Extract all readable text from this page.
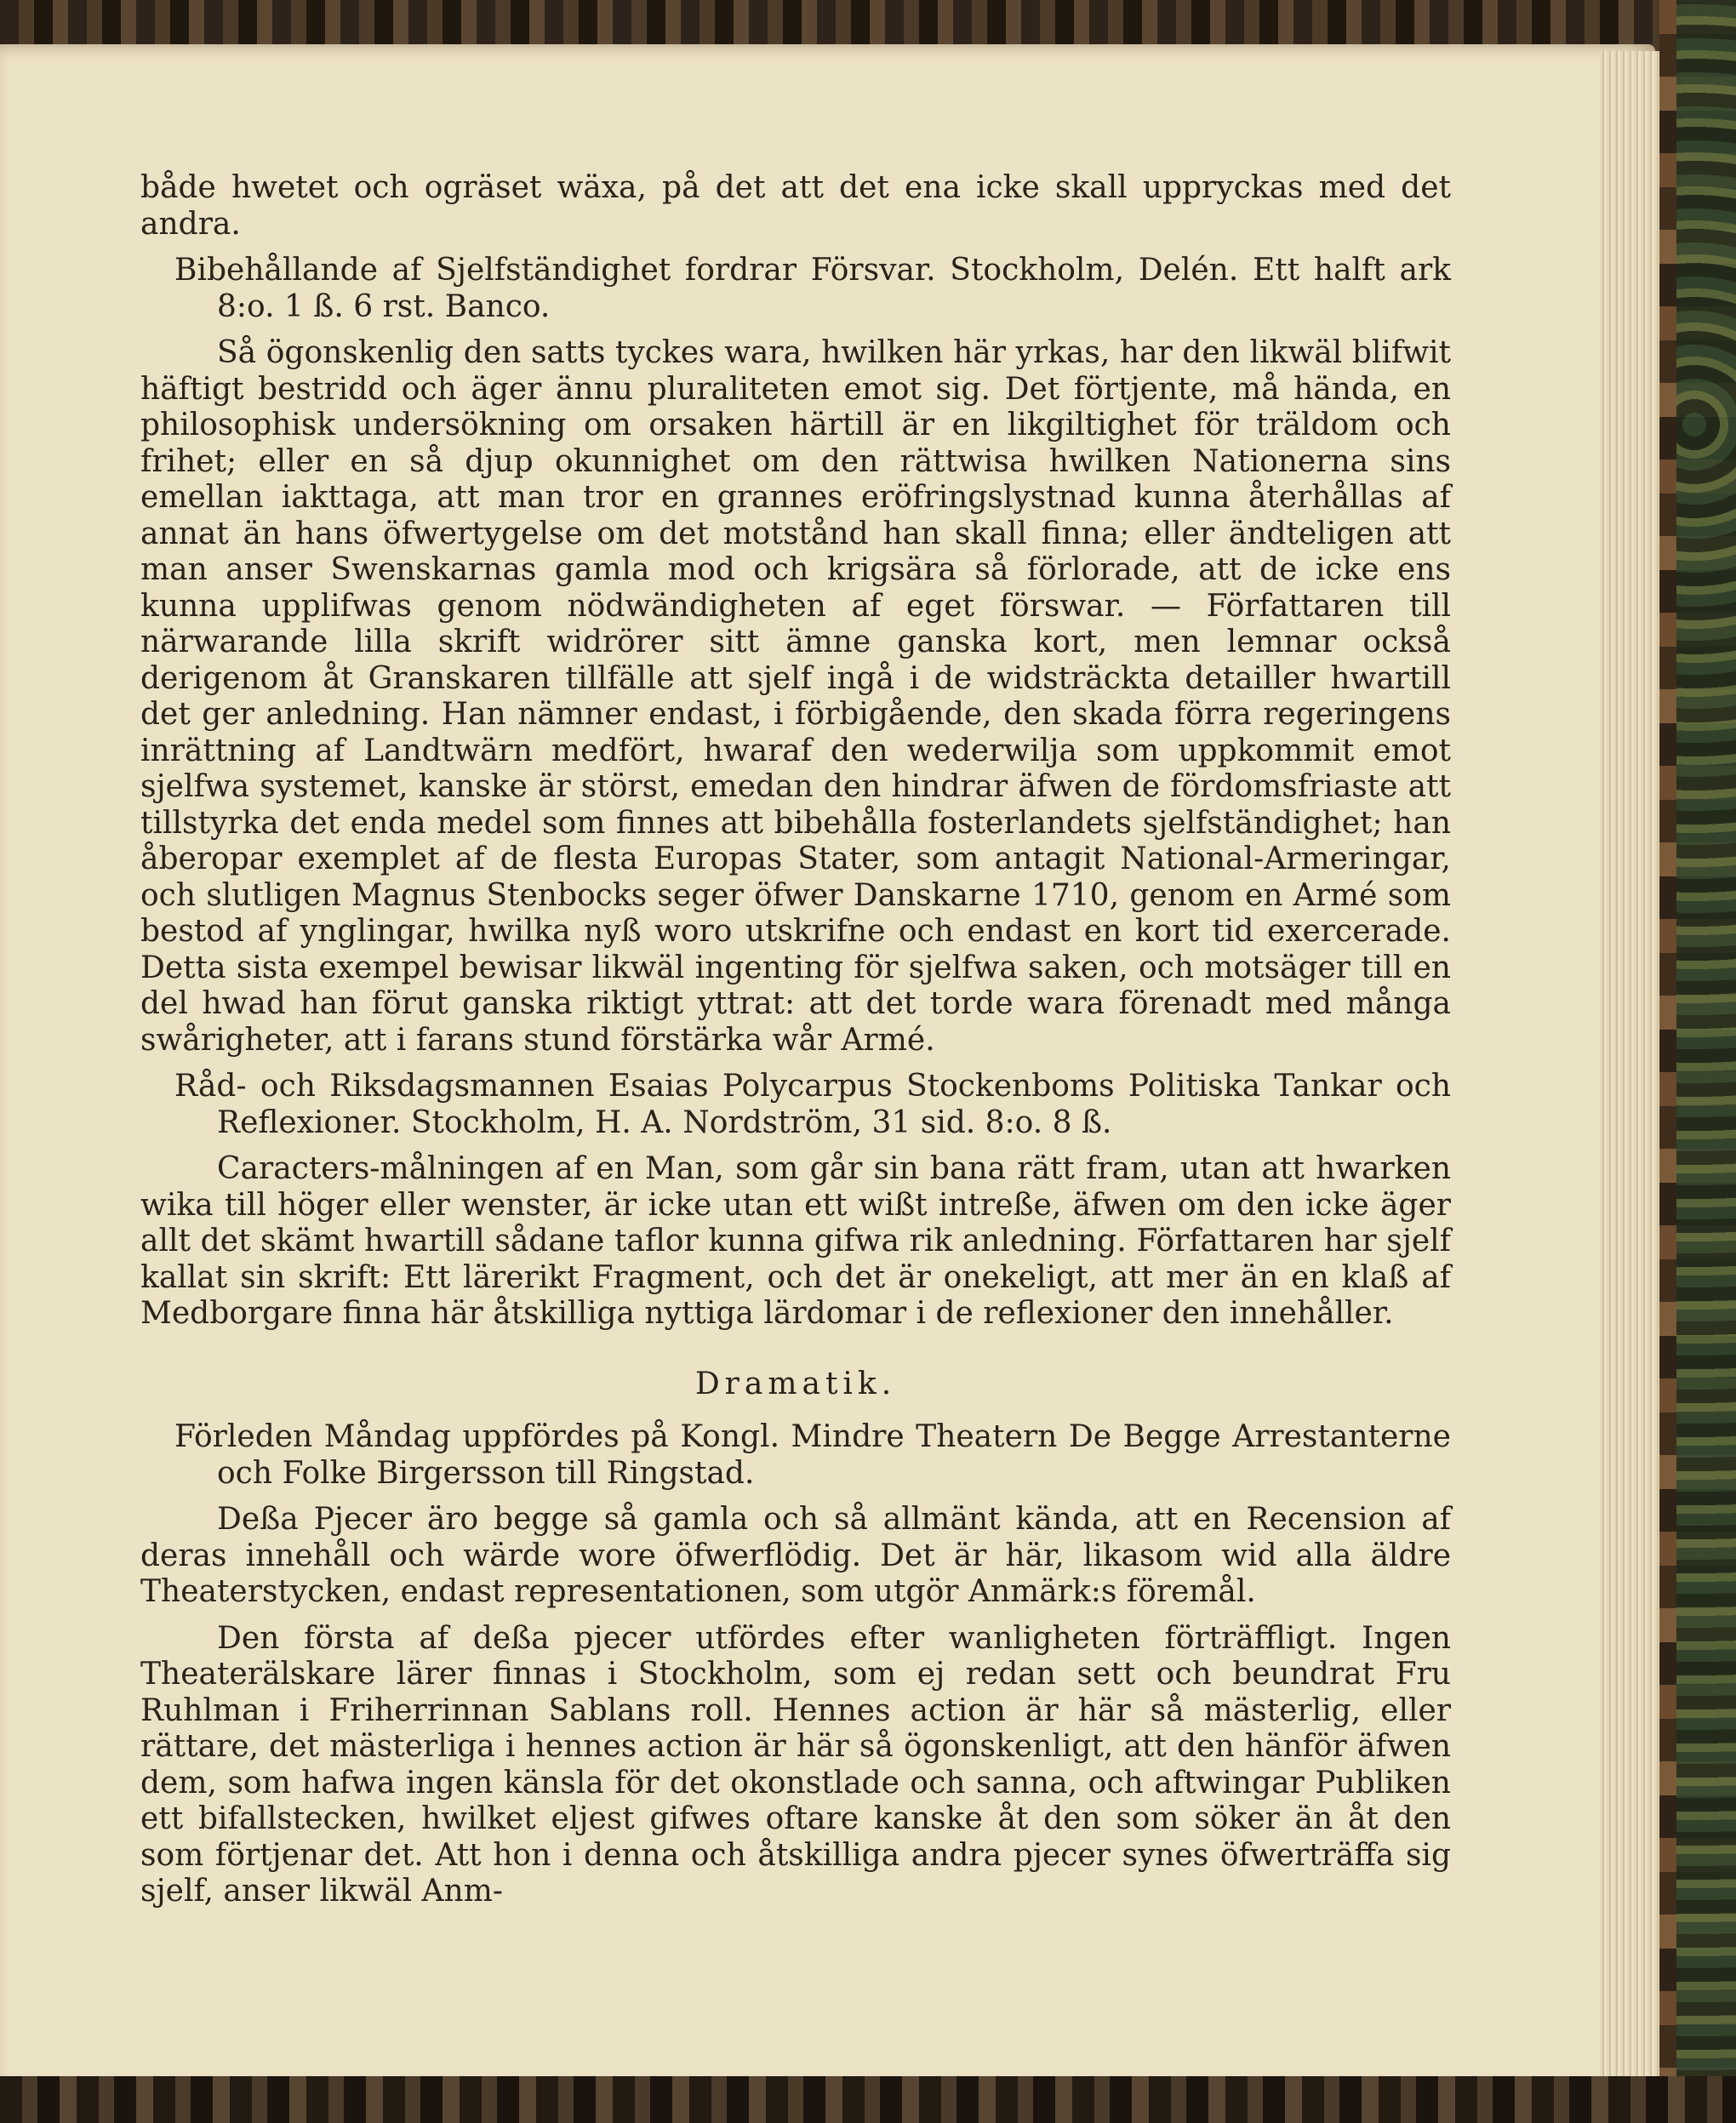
både hwetet och ogräset wäxa, på det att det ena icke skall uppryckas med det andra.

Bibehållande af Sjelfständighet fordrar Försvar. Stockholm, Delén. Ett halft ark 8:o. 1 ß. 6 rst. Banco.

Så ögonskenlig den satts tyckes wara, hwilken här yrkas, har den likwäl blifwit häftigt bestridd och äger ännu pluraliteten emot sig. Det förtjente, må hända, en philosophisk undersökning om orsaken härtill är en likgiltighet för träldom och frihet; eller en så djup okunnighet om den rättwisa hwilken Nationerna sins emellan iakttaga, att man tror en grannes eröfringslystnad kunna återhållas af annat än hans öfwertygelse om det motstånd han skall finna; eller ändteligen att man anser Swenskarnas gamla mod och krigsära så förlorade, att de icke ens kunna upplifwas genom nödwändigheten af eget förswar. — Författaren till närwarande lilla skrift widrörer sitt ämne ganska kort, men lemnar också derigenom åt Granskaren tillfälle att sjelf ingå i de widsträckta detailler hwartill det ger anledning. Han nämner endast, i förbigående, den skada förra regeringens inrättning af Landtwärn medfört, hwaraf den wederwilja som uppkommit emot sjelfwa systemet, kanske är störst, emedan den hindrar äfwen de fördomsfriaste att tillstyrka det enda medel som finnes att bibehålla fosterlandets sjelfständighet; han åberopar exemplet af de flesta Europas Stater, som antagit National-Armeringar, och slutligen Magnus Stenbocks seger öfwer Danskarne 1710, genom en Armé som bestod af ynglingar, hwilka nyß woro utskrifne och endast en kort tid exercerade. Detta sista exempel bewisar likwäl ingenting för sjelfwa saken, och motsäger till en del hwad han förut ganska riktigt yttrat: att det torde wara förenadt med många swårigheter, att i farans stund förstärka wår Armé.

Råd- och Riksdagsmannen Esaias Polycarpus Stockenboms Politiska Tankar och Reflexioner. Stockholm, H. A. Nordström, 31 sid. 8:o. 8 ß.

Caracters-målningen af en Man, som går sin bana rätt fram, utan att hwarken wika till höger eller wenster, är icke utan ett wißt intreße, äfwen om den icke äger allt det skämt hwartill sådane taflor kunna gifwa rik anledning. Författaren har sjelf kallat sin skrift: Ett lärerikt Fragment, och det är onekeligt, att mer än en klaß af Medborgare finna här åtskilliga nyttiga lärdomar i de reflexioner den innehåller.

Dramatik.

Förleden Måndag uppfördes på Kongl. Mindre Theatern De Begge Arrestanterne och Folke Birgersson till Ringstad.

Deßa Pjecer äro begge så gamla och så allmänt kända, att en Recension af deras innehåll och wärde wore öfwerflödig. Det är här, likasom wid alla äldre Theaterstycken, endast representationen, som utgör Anmärk:s föremål.

Den första af deßa pjecer utfördes efter wanligheten förträffligt. Ingen Theaterälskare lärer finnas i Stockholm, som ej redan sett och beundrat Fru Ruhlman i Friherrinnan Sablans roll. Hennes action är här så mästerlig, eller rättare, det mästerliga i hennes action är här så ögonskenligt, att den hänför äfwen dem, som hafwa ingen känsla för det okonstlade och sanna, och aftwingar Publiken ett bifallstecken, hwilket eljest gifwes oftare kanske åt den som söker än åt den som förtjenar det. Att hon i denna och åtskilliga andra pjecer synes öfwerträffa sig sjelf, anser likwäl Anm-
